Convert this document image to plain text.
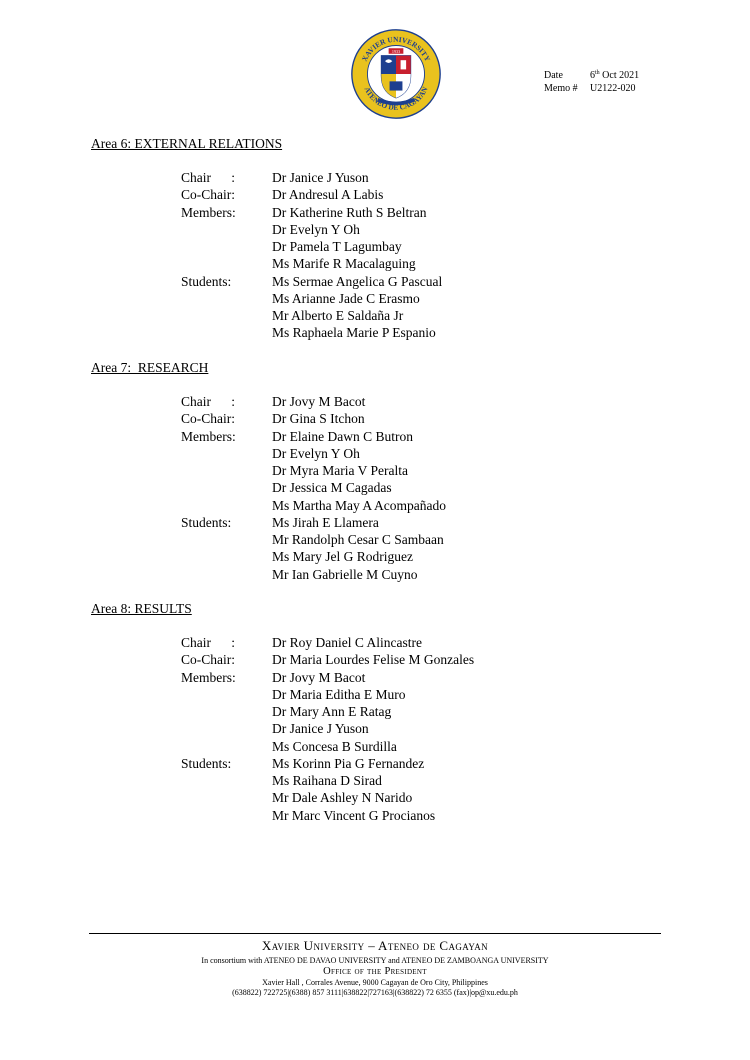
XAVIER UNIVERSITY
ATENEO DE CAGAYAN
1933
Date	6th Oct 2021
Memo #	U2122-020
Area 6: EXTERNAL RELATIONS
Chair      :	Dr Janice J Yuson
Co-Chair:	Dr Andresul A Labis
Members:	Dr Katherine Ruth S Beltran
Dr Evelyn Y Oh
Dr Pamela T Lagumbay
Ms Marife R Macalaguing
Students:	Ms Sermae Angelica G Pascual
Ms Arianne Jade C Erasmo
Mr Alberto E Saldaña Jr
Ms Raphaela Marie P Espanio
Area 7:  RESEARCH
Chair      :	Dr Jovy M Bacot
Co-Chair:	Dr Gina S Itchon
Members:	Dr Elaine Dawn C Butron
Dr Evelyn Y Oh
Dr Myra Maria V Peralta
Dr Jessica M Cagadas
Ms Martha May A Acompañado
Students:	Ms Jirah E Llamera
Mr Randolph Cesar C Sambaan
Ms Mary Jel G Rodriguez
Mr Ian Gabrielle M Cuyno
Area 8: RESULTS
Chair      :	Dr Roy Daniel C Alincastre
Co-Chair:	Dr Maria Lourdes Felise M Gonzales
Members:	Dr Jovy M Bacot
Dr Maria Editha E Muro
Dr Mary Ann E Ratag
Dr Janice J Yuson
Ms Concesa B Surdilla
Students:	Ms Korinn Pia G Fernandez
Ms Raihana D Sirad
Mr Dale Ashley N Narido
Mr Marc Vincent G Procianos
Xavier University – Ateneo de Cagayan
In consortium with ATENEO DE DAVAO UNIVERSITY and ATENEO DE ZAMBOANGA UNIVERSITY
Office of the President
Xavier Hall , Corrales Avenue, 9000 Cagayan de Oro City, Philippines
(638822) 722725|(6388) 857 3111|638822|727163|(638822) 72 6355 (fax)|op@xu.edu.ph
